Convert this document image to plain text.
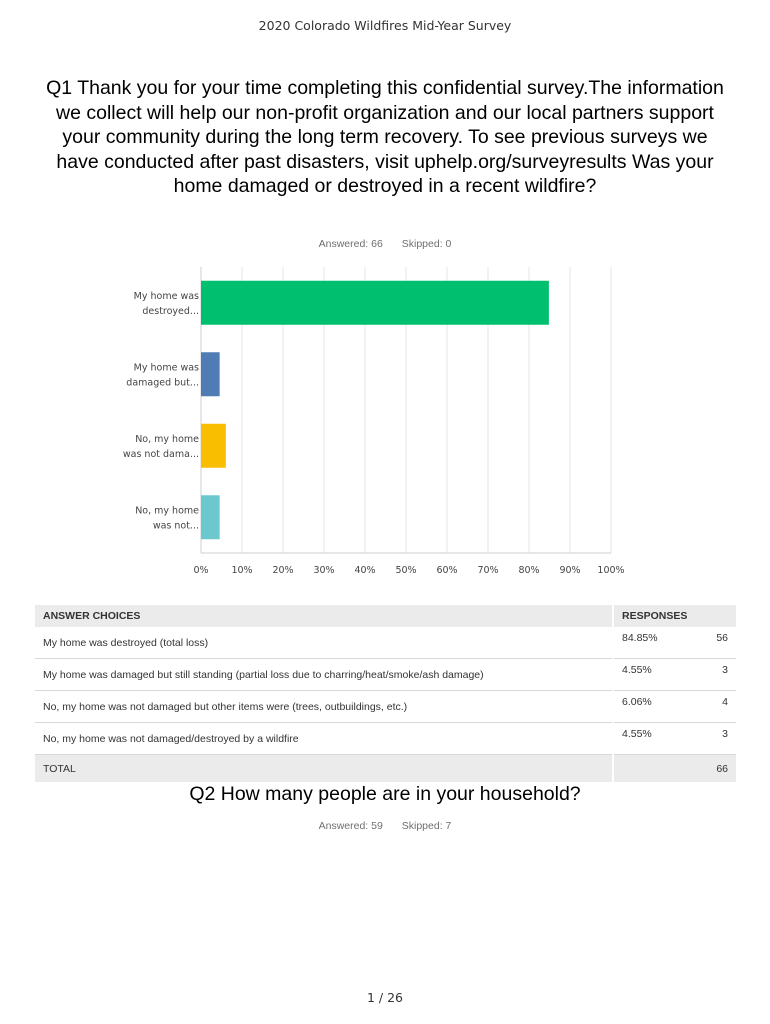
2020 Colorado Wildfires Mid-Year Survey
Q1 Thank you for your time completing this confidential survey.The information we collect will help our non-profit organization and our local partners support your community during the long term recovery. To see previous surveys we have conducted after past disasters, visit uphelp.org/surveyresults Was your home damaged or destroyed in a recent wildfire?
Answered: 66 Skipped: 0
0% 10% 20% 30% 40% 50% 60% 70% 80% 90% 100%
My home was
destroyed...
My home was
damaged but...
No, my home
was not dama...
No, my home
was not...
ANSWER CHOICES	RESPONSES	
My home was destroyed (total loss)	84.85%	56
My home was damaged but still standing (partial loss due to charring/heat/smoke/ash damage)	4.55%	3
No, my home was not damaged but other items were (trees, outbuildings, etc.)	6.06%	4
No, my home was not damaged/destroyed by a wildfire	4.55%	3
TOTAL		66
Q2 How many people are in your household?
Answered: 59 Skipped: 7
1 / 26
